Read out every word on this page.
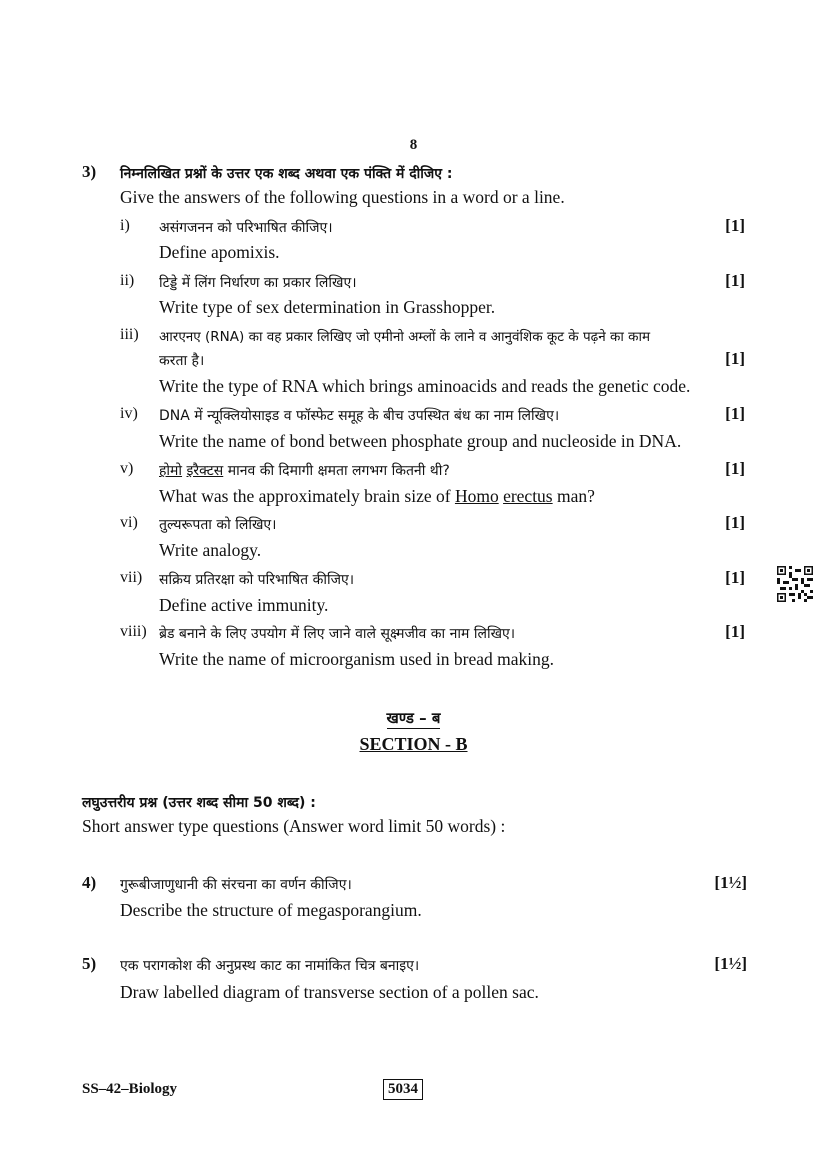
8
3) निम्नलिखित प्रश्नों के उत्तर एक शब्द अथवा एक पंक्ति में दीजिए :
Give the answers of the following questions in a word or a line.
i) असंगजनन को परिभाषित कीजिए।	[1]
Define apomixis.
ii) टिड्डे में लिंग निर्धारण का प्रकार लिखिए।	[1]
Write type of sex determination in Grasshopper.
iii) आरएनए (RNA) का वह प्रकार लिखिए जो एमीनो अम्लों के लाने व आनुवंशिक कूट के पढ़ने का काम
करता है।	[1]
Write the type of RNA which brings aminoacids and reads the genetic code.
iv) DNA में न्यूक्लियोसाइड व फॉस्फेट समूह के बीच उपस्थित बंध का नाम लिखिए।	[1]
Write the name of bond between phosphate group and nucleoside in DNA.
v) होमो इरैक्टस मानव की दिमागी क्षमता लगभग कितनी थी?	[1]
What was the approximately brain size of Homo erectus man?
vi) तुल्यरूपता को लिखिए।	[1]
Write analogy.
vii) सक्रिय प्रतिरक्षा को परिभाषित कीजिए।	[1]
Define active immunity.
viii) ब्रेड बनाने के लिए उपयोग में लिए जाने वाले सूक्ष्मजीव का नाम लिखिए।	[1]
Write the name of microorganism used in bread making.
खण्ड – ब
SECTION - B
लघुउत्तरीय प्रश्न (उत्तर शब्द सीमा 50 शब्द) :
Short answer type questions (Answer word limit 50 words) :
4) गुरूबीजाणुधानी की संरचना का वर्णन कीजिए।	[1½]
Describe the structure of megasporangium.
5) एक परागकोश की अनुप्रस्थ काट का नामांकित चित्र बनाइए।	[1½]
Draw labelled diagram of transverse section of a pollen sac.
SS–42–Biology	5034
